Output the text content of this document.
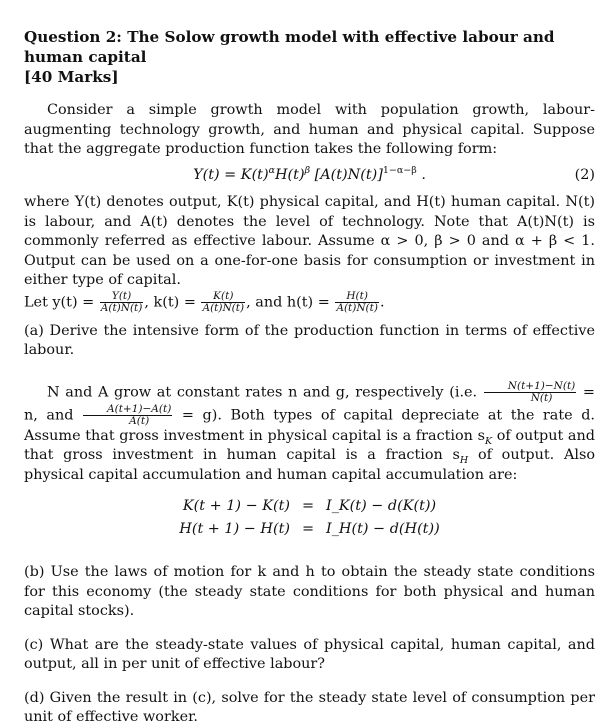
Question 2: The Solow growth model with effective labour and human capital
[40 Marks]

Consider a simple growth model with population growth, labour-augmenting technology growth, and human and physical capital. Suppose that the aggregate production function takes the following form:

$Y(t) = K(t)^\alpha H(t)^\beta$ $[A(t)N(t)]^{1-\alpha-\beta}$ .	(2)

where Y(t) denotes output, K(t) physical capital, and H(t) human capital. N(t) is labour, and A(t) denotes the level of technology. Note that A(t)N(t) is commonly referred as effective labour. Assume α > 0, β > 0 and α + β < 1. Output can be used on a one-for-one basis for consumption or investment in either type of capital.

Let $y(t) = \frac{Y(t)}{A(t)N(t)}$ , $k(t) = \frac{K(t)}{A(t)N(t)}$ , and $h(t) = \frac{H(t)}{A(t)N(t)}$ .

(a) Derive the intensive form of the production function in terms of effective labour.

N and A grow at constant rates n and g, respectively (i.e. $\frac{N(t+1)-N(t)}{N(t)} = n$, and $\frac{A(t+1)-A(t)}{A(t)} = g$). Both types of capital depreciate at the rate d. Assume that gross investment in physical capital is a fraction $s_K$ of output and that gross investment in human capital is a fraction $s_H$ of output. Also physical capital accumulation and human capital accumulation are:

K(t + 1) − K(t)	=	I_K(t) − d(K(t))
H(t + 1) − H(t)	=	I_H(t) − d(H(t))

(b) Use the laws of motion for k and h to obtain the steady state conditions for this economy (the steady state conditions for both physical and human capital stocks).

(c) What are the steady-state values of physical capital, human capital, and output, all in per unit of effective labour?

(d) Given the result in (c), solve for the steady state level of consumption per unit of effective worker.
